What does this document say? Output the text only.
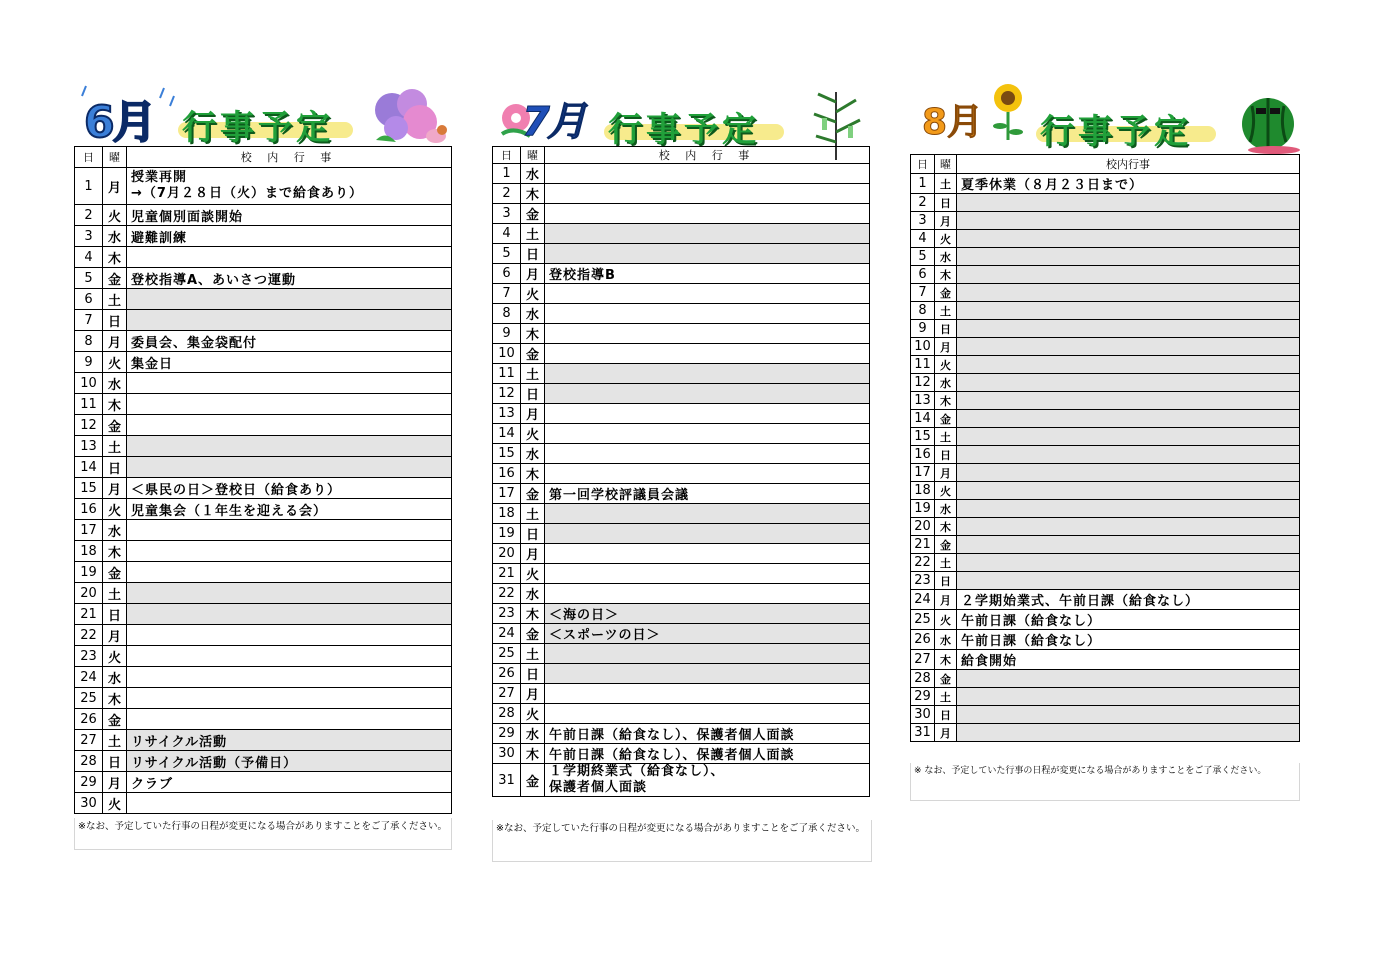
6月 行事予定
日	曜	校 内 行 事
1	月	授業再開
→（7月２８日（火）まで給食あり）

2	火	児童個別面談開始
3	水	避難訓練
4	木	
5	金	登校指導A、あいさつ運動
6	土	
7	日	
8	月	委員会、集金袋配付
9	火	集金日
10	水	
11	木	
12	金	
13	土	
14	日	
15	月	＜県民の日＞登校日（給食あり）
16	火	児童集会（１年生を迎える会）
17	水	
18	木	
19	金	
20	土	
21	日	
22	月	
23	火	
24	水	
25	木	
26	金	
27	土	リサイクル活動
28	日	リサイクル活動（予備日）
29	月	クラブ
30	火	
※なお、予定していた行事の日程が変更になる場合がありますことをご了承ください。
7月 行事予定
日	曜	校 内 行 事
1	水	
2	木	
3	金	
4	土	
5	日	
6	月	登校指導B
7	火	
8	水	
9	木	
10	金	
11	土	
12	日	
13	月	
14	火	
15	水	
16	木	
17	金	第一回学校評議員会議
18	土	
19	日	
20	月	
21	火	
22	水	
23	木	＜海の日＞
24	金	＜スポーツの日＞
25	土	
26	日	
27	月	
28	火	
29	水	午前日課（給食なし）、保護者個人面談
30	木	午前日課（給食なし）、保護者個人面談
31	金	１学期終業式（給食なし）、
保護者個人面談
※なお、予定していた行事の日程が変更になる場合がありますことをご了承ください。
8月 行事予定
日	曜	校内行事
1	土	夏季休業（８月２３日まで）
2	日	
3	月	
4	火	
5	水	
6	木	
7	金	
8	土	
9	日	
10	月	
11	火	
12	水	
13	木	
14	金	
15	土	
16	日	
17	月	
18	火	
19	水	
20	木	
21	金	
22	土	
23	日	
24	月	２学期始業式、午前日課（給食なし）
25	火	午前日課（給食なし）
26	水	午前日課（給食なし）
27	木	給食開始
28	金	
29	土	
30	日	
31	月	
※ なお、予定していた行事の日程が変更になる場合がありますことをご了承ください。
